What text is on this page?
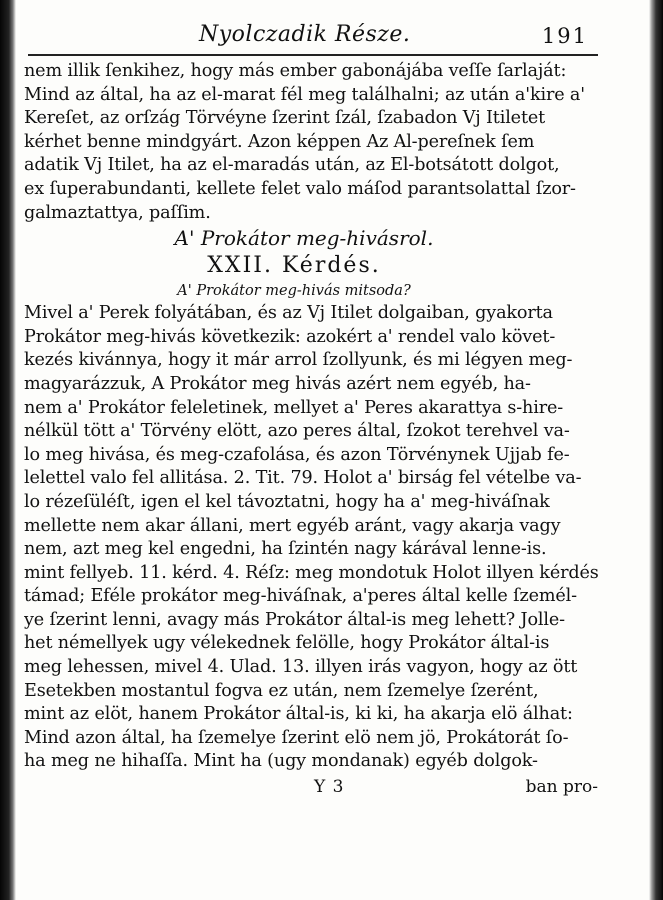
Nyolczadik Része.	191
nem illik ſenkihez, hogy más ember gabonájába veſſe ſarlaját:
Mind az által, ha az el-marat fél meg találhalni; az után a'kire a'
Kereſet, az orſzág Törvéyne ſzerint ſzál, ſzabadon Vj Itiletet
kérhet benne mindgyárt. Azon képpen Az Al-pereſnek ſem
adatik Vj Itilet, ha az el-maradás után, az El-botsátott dolgot,
ex ſuperabundanti, kellete felet valo máſod parantsolattal ſzor-
galmaztattya, paſſim.
A' Prokátor meg-hivásrol.
XXII. Kérdés.
A' Prokátor meg-hivás mitsoda?
Mivel a' Perek folyátában, és az Vj Itilet dolgaiban, gyakorta
Prokátor meg-hivás következik: azokért a' rendel valo követ-
kezés kivánnya, hogy it már arrol ſzollyunk, és mi légyen meg-
magyarázzuk, A Prokátor meg hivás azért nem egyéb, ha-
nem a' Prokátor feleletinek, mellyet a' Peres akarattya s-hire-
nélkül tött a' Törvény elött, azo peres által, ſzokot terehvel va-
lo meg hivása, és meg-czafolása, és azon Törvénynek Ujjab fe-
lelettel valo fel allitása. 2. Tit. 79. Holot a' birság fel vételbe va-
lo rézeſüléſt, igen el kel távoztatni, hogy ha a' meg-hiváſnak
mellette nem akar állani, mert egyéb aránt, vagy akarja vagy
nem, azt meg kel engedni, ha ſzintén nagy kárával lenne-is.
mint fellyeb. 11. kérd. 4. Réſz: meg mondotuk Holot illyen kérdés
támad; Eféle prokátor meg-hiváſnak, a'peres által kelle ſzemél-
ye ſzerint lenni, avagy más Prokátor által-is meg lehett? Jolle-
het némellyek ugy vélekednek felölle, hogy Prokátor által-is
meg lehessen, mivel 4. Ulad. 13. illyen irás vagyon, hogy az ött
Esetekben mostantul fogva ez után, nem ſzemelye ſzerént,
mint az elöt, hanem Prokátor által-is, ki ki, ha akarja elö álhat:
Mind azon által, ha ſzemelye ſzerint elö nem jö, Prokátorát ſo-
ha meg ne hihaſſa. Mint ha (ugy mondanak) egyéb dolgok-
Y 3	ban pro-
